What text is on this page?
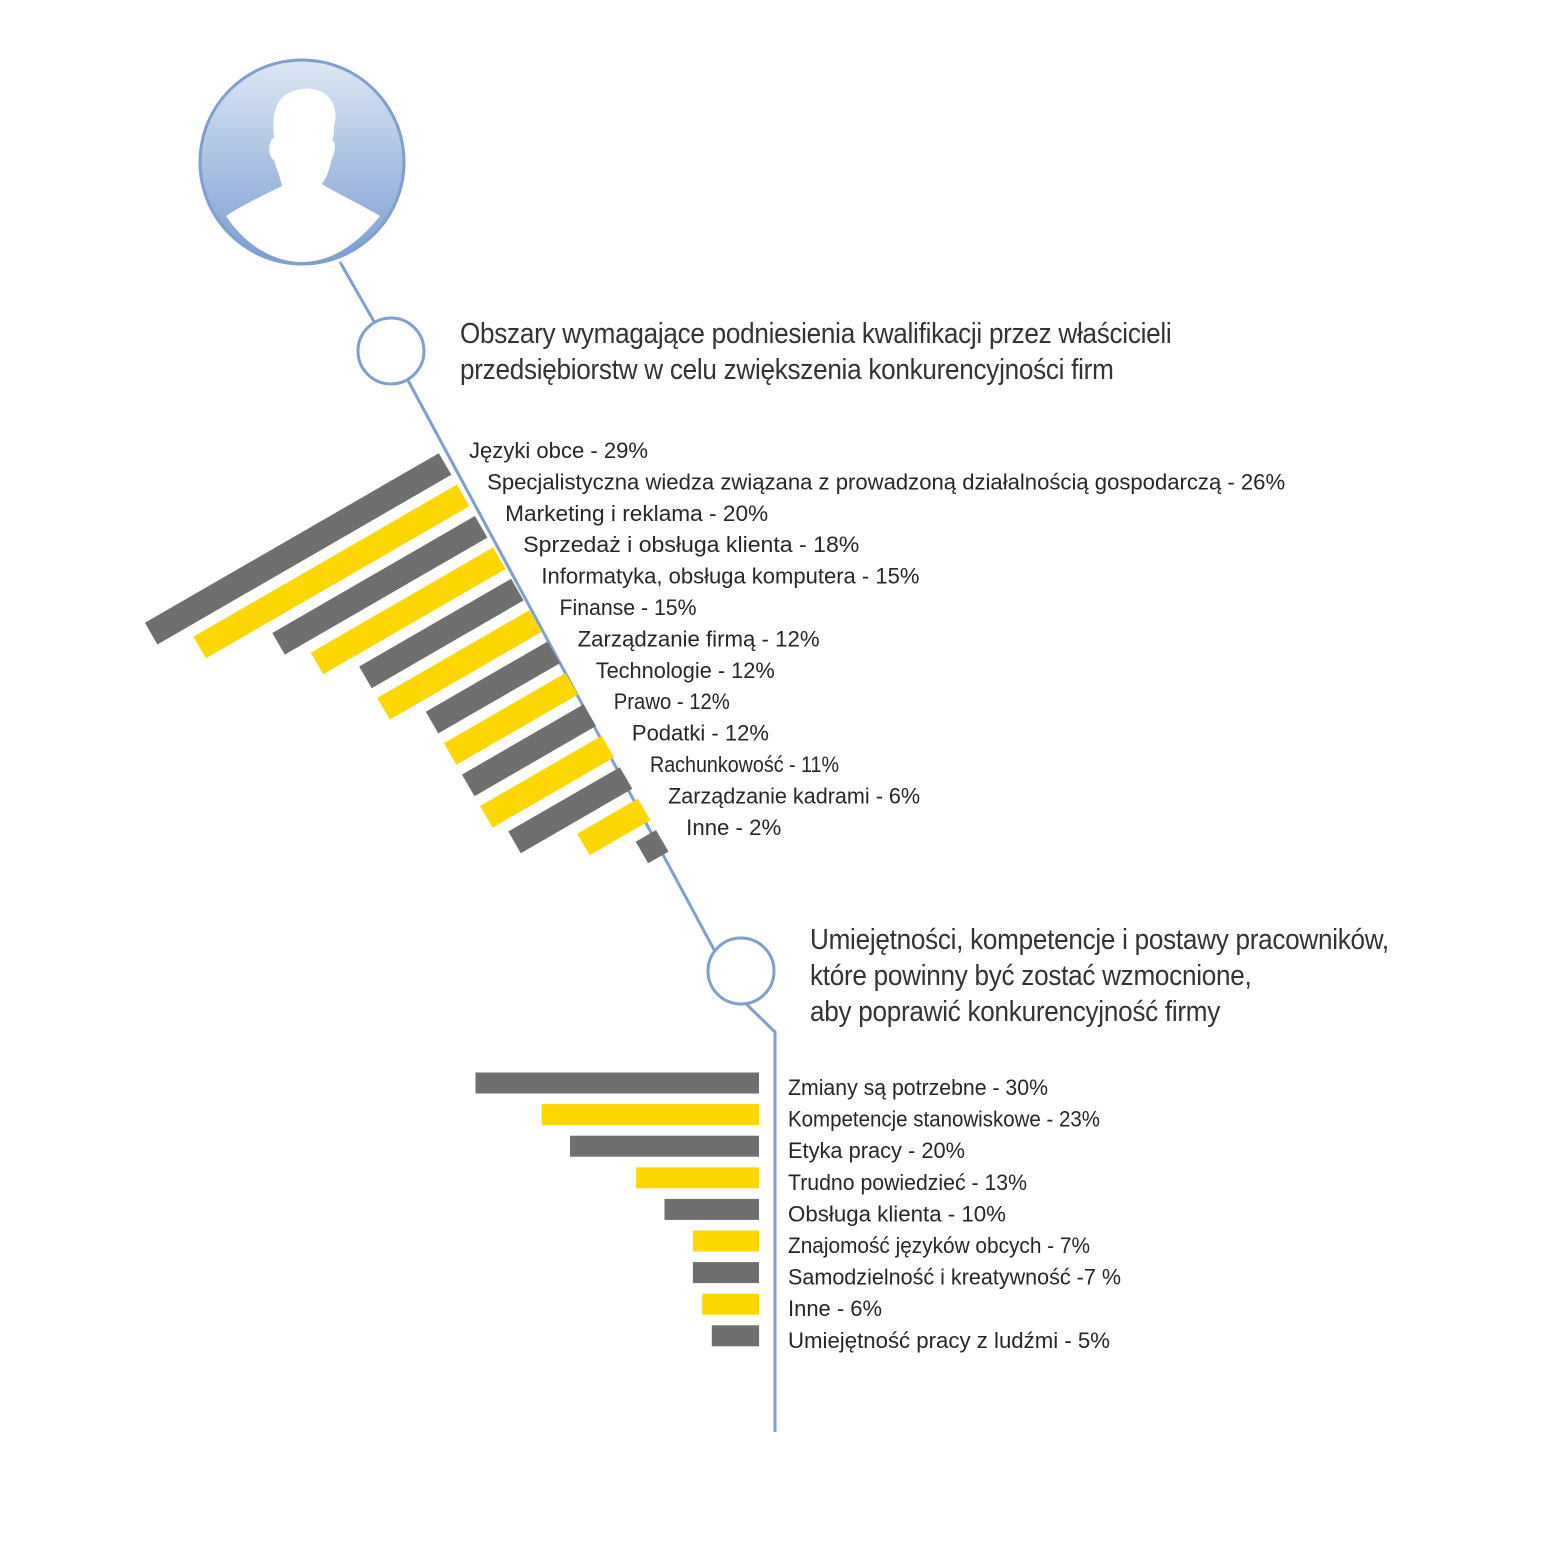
Języki obce - 29%
Specjalistyczna wiedza związana z prowadzoną działalnością gospodarczą - 26%
Marketing i reklama - 20%
Sprzedaż i obsługa klienta - 18%
Informatyka, obsługa komputera - 15%
Finanse - 15%
Zarządzanie firmą - 12%
Technologie - 12%
Prawo - 12%
Podatki - 12%
Rachunkowość - 11%
Zarządzanie kadrami - 6%
Inne - 2%
Zmiany są potrzebne - 30%
Kompetencje stanowiskowe - 23%
Etyka pracy - 20%
Trudno powiedzieć - 13%
Obsługa klienta - 10%
Znajomość języków obcych - 7%
Samodzielność i kreatywność -7 %
Inne - 6%
Umiejętność pracy z ludźmi - 5%
Obszary wymagające podniesienia kwalifikacji przez właścicieli
przedsiębiorstw w celu zwiększenia konkurencyjności firm
Umiejętności, kompetencje i postawy pracowników,
które powinny być zostać wzmocnione,
aby poprawić konkurencyjność firmy
